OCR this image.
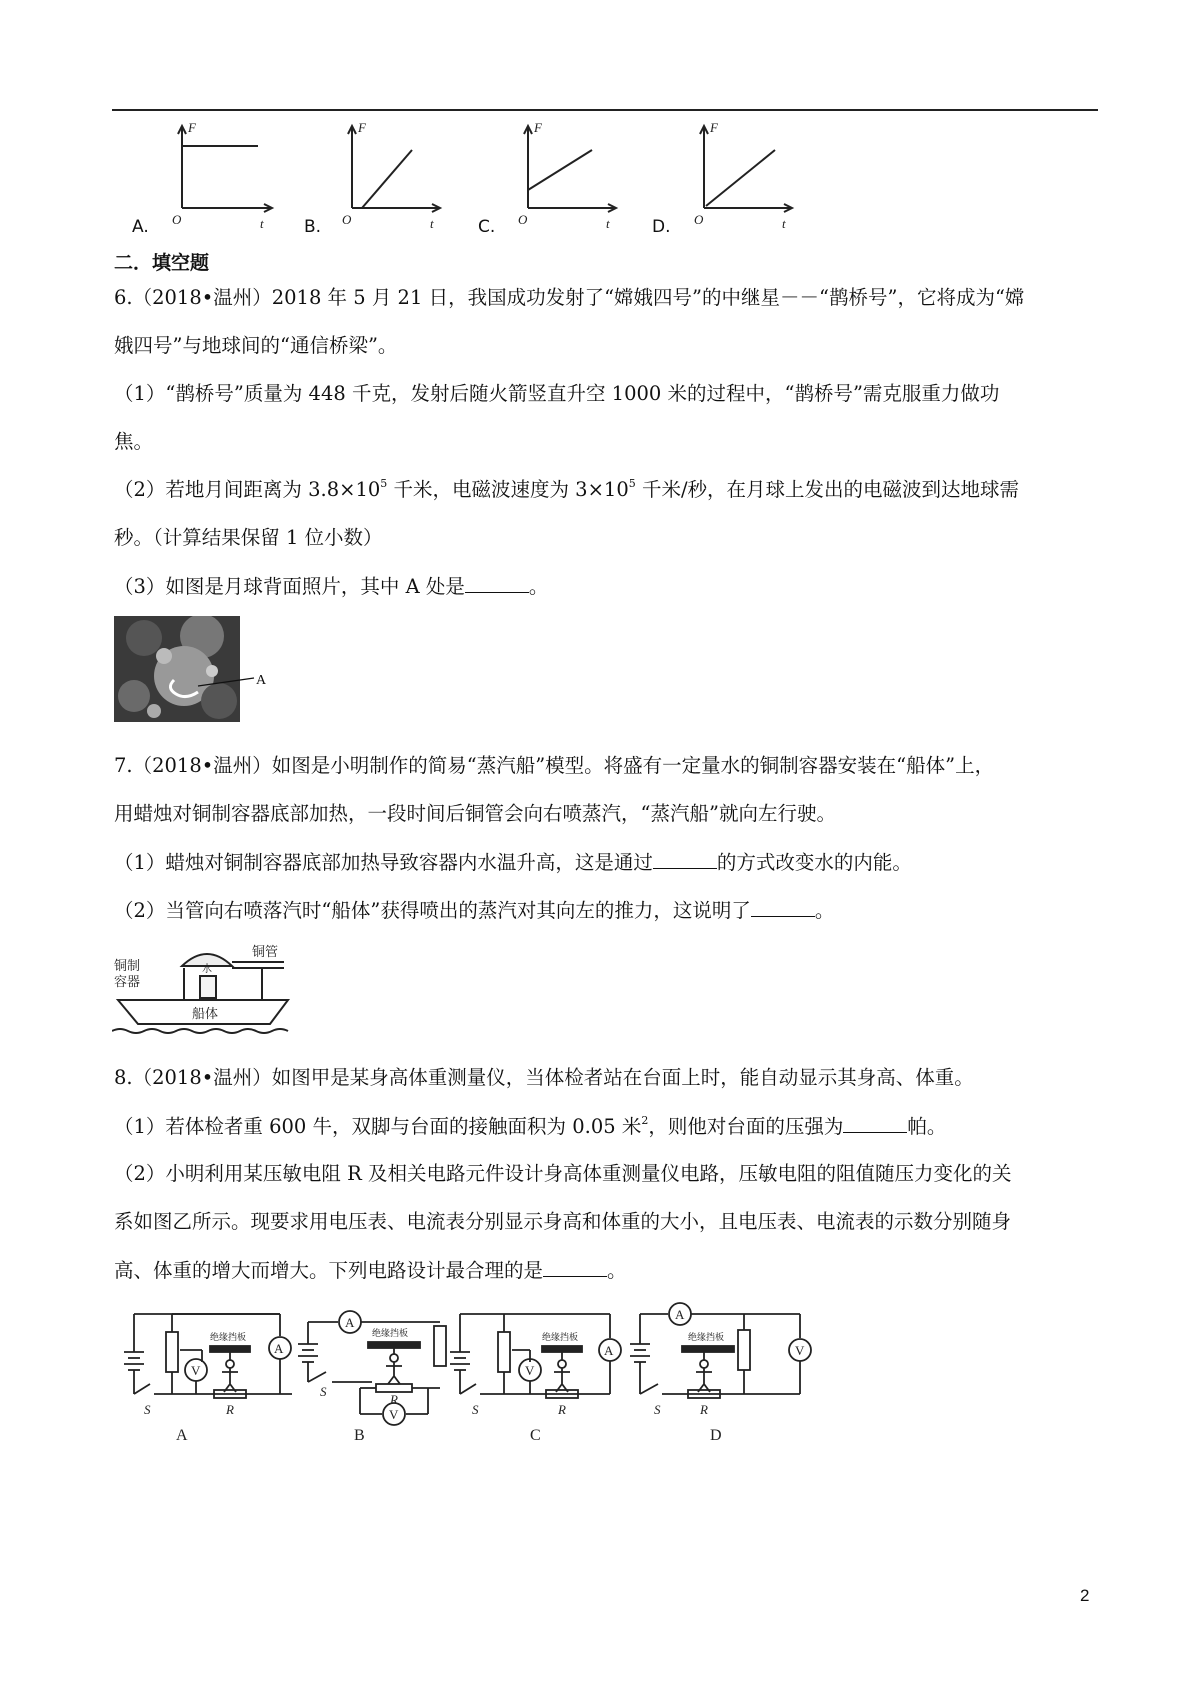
F
t
O
F
t
O
F
t
O
F
t
O
A.	B.	C.	D.
二．填空题
6.（2018•温州）2018 年 5 月 21 日，我国成功发射了“嫦娥四号”的中继星－－“鹊桥号”，它将成为“嫦
娥四号”与地球间的“通信桥梁”。
（1）“鹊桥号”质量为 448 千克，发射后随火箭竖直升空 1000 米的过程中，“鹊桥号”需克服重力做功
焦。
（2）若地月间距离为 $3.8\times 10^5$ 千米，电磁波速度为 $3\times 10^5$ 千米/秒，在月球上发出的电磁波到达地球需
秒。（计算结果保留 1 位小数）
（3）如图是月球背面照片，其中 A 处是	。
A
7.（2018•温州）如图是小明制作的简易“蒸汽船”模型。将盛有一定量水的铜制容器安装在“船体”上，
用蜡烛对铜制容器底部加热，一段时间后铜管会向右喷蒸汽，“蒸汽船”就向左行驶。
（1）蜡烛对铜制容器底部加热导致容器内水温升高，这是通过	的方式改变水的内能。
（2）当管向右喷落汽时“船体”获得喷出的蒸汽对其向左的推力，这说明了	。
铜制
容器
铜管
水
船体
8.（2018•温州）如图甲是某身高体重测量仪，当体检者站在台面上时，能自动显示其身高、体重。
（1）若体检者重 600 牛，双脚与台面的接触面积为 0.05 米$^2$，则他对台面的压强为	帕。
（2）小明利用某压敏电阻 R 及相关电路元件设计身高体重测量仪电路，压敏电阻的阻值随压力变化的关
系如图乙所示。现要求用电压表、电流表分别显示身高和体重的大小，且电压表、电流表的示数分别随身
高、体重的增大而增大。下列电路设计最合理的是	。
A
V
A
V
A
V
A
V
绝缘挡板	绝缘挡板	绝缘挡板	绝缘挡板
S	R
S
R
S	R	S	R
A	B	C	D
2
